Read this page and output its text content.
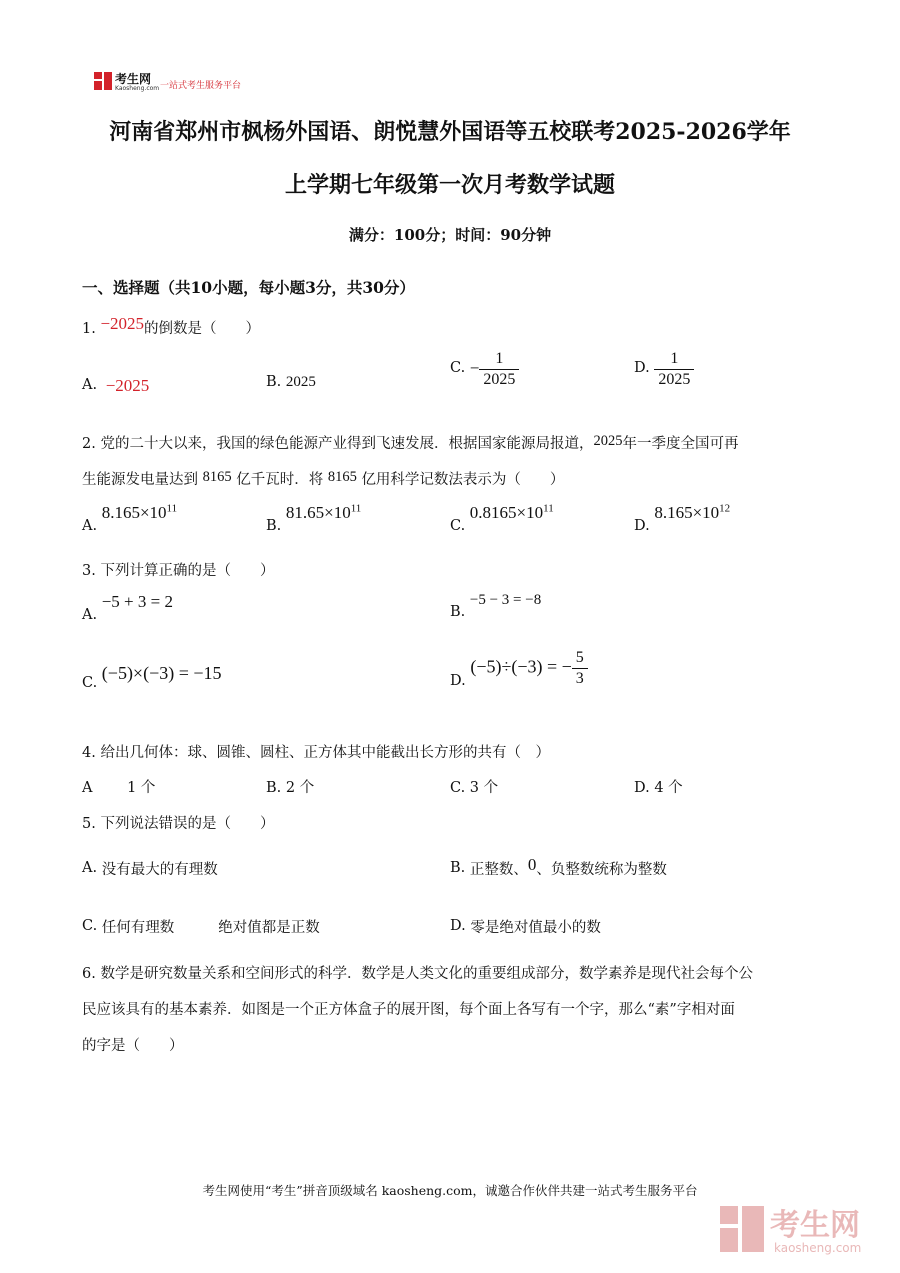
考生网
Kaosheng.com 一站式考生服务平台
河南省郑州市枫杨外国语、朗悦慧外国语等五校联考2025-2026学年
上学期七年级第一次月考数学试题
满分：100分；时间：90分钟
一、选择题（共10小题，每小题3分，共30分）
1. −2025的倒数是（　　）
A. −2025	B. 2025
C. − $\frac{1}{2025}$	D. $\frac{1}{2025}$
2. 党的二十大以来，我国的绿色能源产业得到飞速发展．根据国家能源局报道，2025年一季度全国可再
生能源发电量达到 8165 亿千瓦时．将 8165 亿用科学记数法表示为（　　）
A. $8.165\times 10^{11}$
B. $81.65\times 10^{11}$
C. $0.8165\times 10^{11}$
D. $8.165\times 10^{12}$
3. 下列计算正确的是（　　）
A. −5 + 3 = 2
B. −5 − 3 = −8
C. (−5)×(−3) = −15	D. (−5)÷(−3) = − $\frac{5}{3}$
4. 给出几何体：球、圆锥、圆柱、正方体其中能截出长方形的共有（　）
A 1 个	B. 2 个	C. 3 个	D. 4 个
5. 下列说法错误的是（　　）
A. 没有最大的有理数	B. 正整数、0、负整数统称为整数
C. 任何有理数	绝对值都是正数	D. 零是绝对值最小的数
6. 数学是研究数量关系和空间形式的科学．数学是人类文化的重要组成部分，数学素养是现代社会每个公
民应该具有的基本素养．如图是一个正方体盒子的展开图，每个面上各写有一个字，那么“素”字相对面
的字是（　　）
考生网使用“考生”拼音顶级域名 kaosheng.com，诚邀合作伙伴共建一站式考生服务平台
考生网
kaosheng.com
